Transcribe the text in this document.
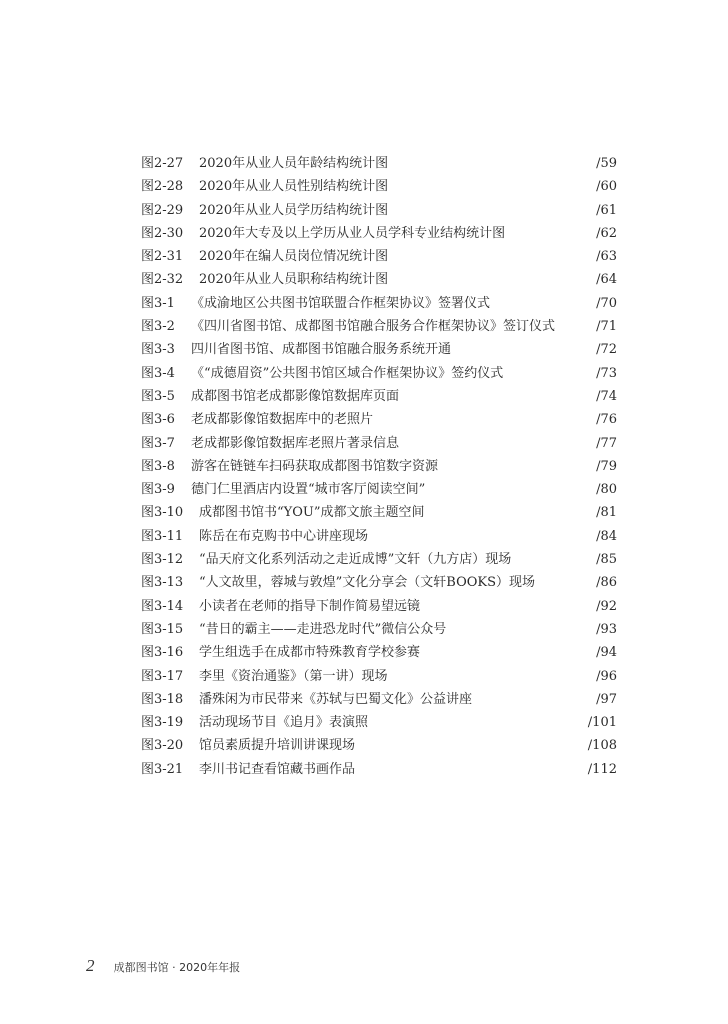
图2-27 2020年从业人员年龄结构统计图	/59
图2-28 2020年从业人员性别结构统计图	/60
图2-29 2020年从业人员学历结构统计图	/61
图2-30 2020年大专及以上学历从业人员学科专业结构统计图	/62
图2-31 2020年在编人员岗位情况统计图	/63
图2-32 2020年从业人员职称结构统计图	/64
图3-1 《成渝地区公共图书馆联盟合作框架协议》签署仪式	/70
图3-2 《四川省图书馆、成都图书馆融合服务合作框架协议》签订仪式	/71
图3-3 四川省图书馆、成都图书馆融合服务系统开通	/72
图3-4 《“成德眉资”公共图书馆区域合作框架协议》签约仪式	/73
图3-5 成都图书馆老成都影像馆数据库页面	/74
图3-6 老成都影像馆数据库中的老照片	/76
图3-7 老成都影像馆数据库老照片著录信息	/77
图3-8 游客在链链车扫码获取成都图书馆数字资源	/79
图3-9 德门仁里酒店内设置“城市客厅阅读空间”	/80
图3-10 成都图书馆书“YOU”成都文旅主题空间	/81
图3-11 陈岳在布克购书中心讲座现场	/84
图3-12 “品天府文化系列活动之走近成博”文轩（九方店）现场	/85
图3-13 “人文故里，蓉城与敦煌”文化分享会（文轩BOOKS）现场	/86
图3-14 小读者在老师的指导下制作简易望远镜	/92
图3-15 “昔日的霸主——走进恐龙时代”微信公众号	/93
图3-16 学生组选手在成都市特殊教育学校参赛	/94
图3-17 李里《资治通鉴》（第一讲）现场	/96
图3-18 潘殊闲为市民带来《苏轼与巴蜀文化》公益讲座	/97
图3-19 活动现场节目《追月》表演照	/101
图3-20 馆员素质提升培训讲课现场	/108
图3-21 李川书记查看馆藏书画作品	/112
2 成都图书馆 · 2020年年报
